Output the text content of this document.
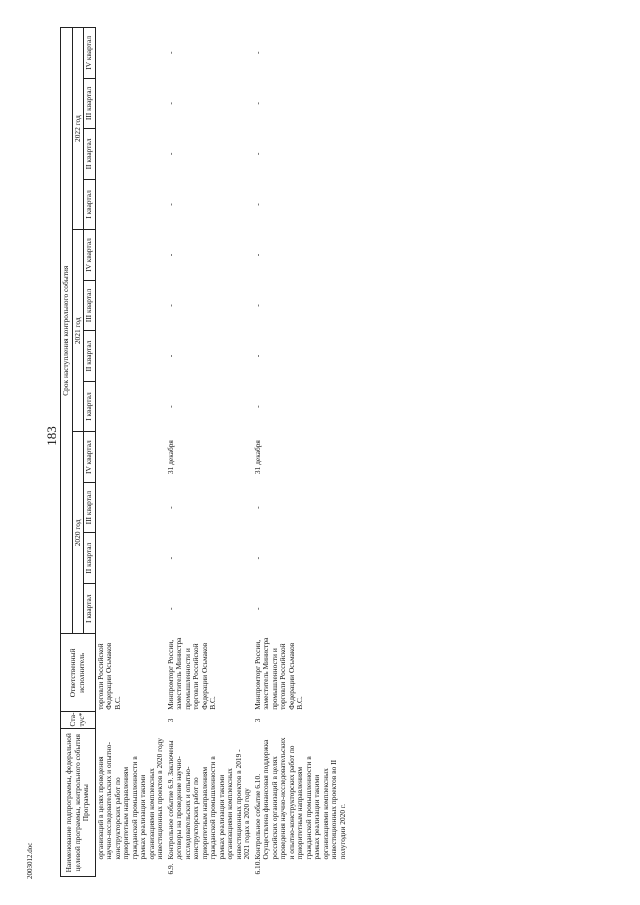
183
2003012.doc	Наименование подпрограммы, федеральной целевой программы, контрольного события Программы	Ста-тус*	Ответственный исполнитель	Срок наступления контрольного события											
			2020 год				2021 год				2022 год			
			I квартал	II квартал	III квартал	IV квартал	I квартал	II квартал	III квартал	IV квартал	I квартал	II квартал	III квартал	IV квартал
организаций в целях проведения научно-исследовательских и опытно-конструкторских работ по приоритетным направлениям гражданской промышленности в рамках реализации такими организациями комплексных инвестиционных проектов в 2020 году		торговли Российской Федерации Осьмаков В.С.												
6.9.Контрольное событие 6.9. Заключены договоры на проведение научно-исследовательских и опытно-конструкторских работ по приоритетным направлениям гражданской промышленности в рамках реализации такими организациями комплексных инвестиционных проектов в 2019 - 2021 годах в 2020 году	3	Минпромторг России, заместитель Министра промышленности и торговли Российской Федерации Осьмаков В.С.	-	-	-	31 декабря	-	-	-	-	-	-	-	-
6.10.Контрольное событие 6.10. Осуществлена финансовая поддержка российских организаций в целях проведения научно-исследовательских и опытно-конструкторских работ по приоритетным направлениям гражданской промышленности в рамках реализации такими организациями комплексных инвестиционных проектов во II полугодии 2020 г.	3	Минпромторг России, заместитель Министра промышленности и торговли Российской Федерации Осьмаков В.С.	-	-	-	31 декабря	-	-	-	-	-	-	-	-
